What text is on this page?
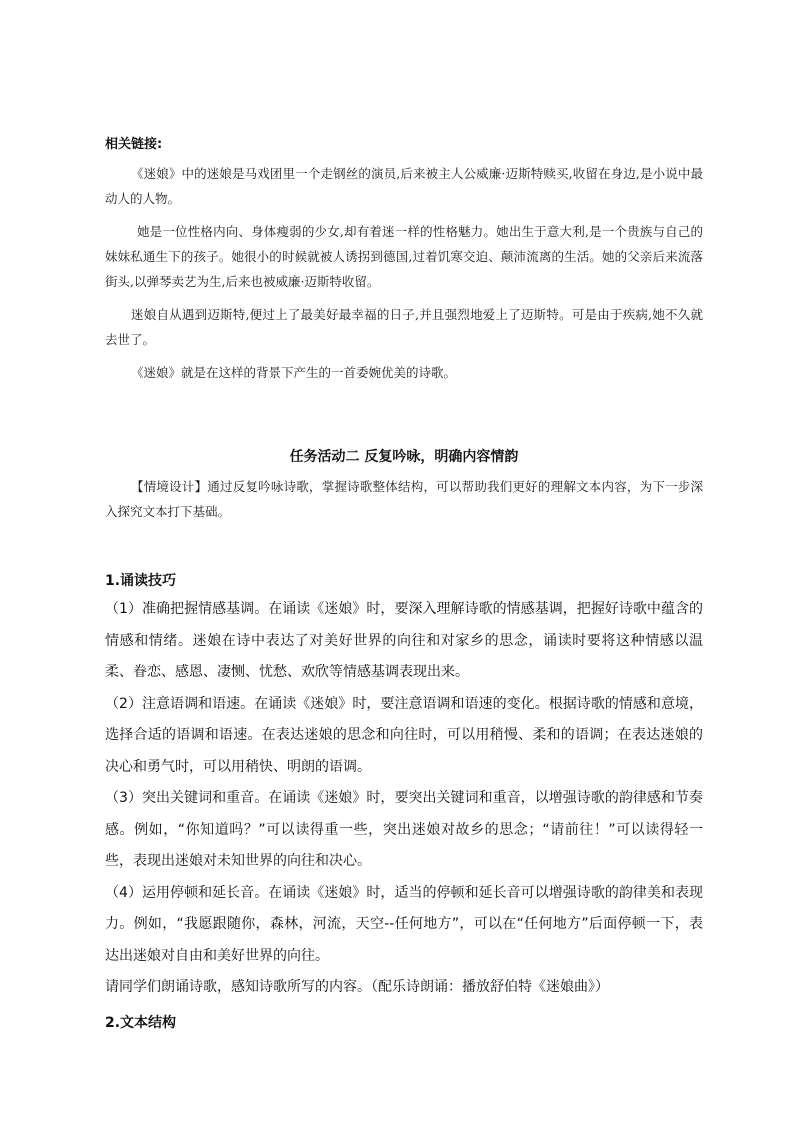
相关链接:

《迷娘》中的迷娘是马戏团里一个走钢丝的演员,后来被主人公威廉·迈斯特赎买,收留在身边,是小说中最动人的人物。

她是一位性格内向、身体瘦弱的少女,却有着迷一样的性格魅力。她出生于意大利,是一个贵族与自己的妹妹私通生下的孩子。她很小的时候就被人诱拐到德国,过着饥寒交迫、颠沛流离的生活。她的父亲后来流落街头,以弹琴卖艺为生,后来也被威廉·迈斯特收留。

迷娘自从遇到迈斯特,便过上了最美好最幸福的日子,并且强烈地爱上了迈斯特。可是由于疾病,她不久就去世了。

《迷娘》就是在这样的背景下产生的一首委婉优美的诗歌。

任务活动二 反复吟咏，明确内容情韵

【情境设计】通过反复吟咏诗歌，掌握诗歌整体结构，可以帮助我们更好的理解文本内容，为下一步深入探究文本打下基础。

1.诵读技巧

（1）准确把握情感基调。在诵读《迷娘》时，要深入理解诗歌的情感基调，把握好诗歌中蕴含的情感和情绪。迷娘在诗中表达了对美好世界的向往和对家乡的思念，诵读时要将这种情感以温柔、眷恋、感恩、凄恻、忧愁、欢欣等情感基调表现出来。

（2）注意语调和语速。在诵读《迷娘》时，要注意语调和语速的变化。根据诗歌的情感和意境，选择合适的语调和语速。在表达迷娘的思念和向往时，可以用稍慢、柔和的语调；在表达迷娘的决心和勇气时，可以用稍快、明朗的语调。

（3）突出关键词和重音。在诵读《迷娘》时，要突出关键词和重音，以增强诗歌的韵律感和节奏感。例如，“你知道吗？”可以读得重一些，突出迷娘对故乡的思念；“请前往！”可以读得轻一些，表现出迷娘对未知世界的向往和决心。

（4）运用停顿和延长音。在诵读《迷娘》时，适当的停顿和延长音可以增强诗歌的韵律美和表现力。例如，“我愿跟随你，森林，河流，天空--任何地方”，可以在“任何地方”后面停顿一下，表达出迷娘对自由和美好世界的向往。

请同学们朗诵诗歌，感知诗歌所写的内容。（配乐诗朗诵：播放舒伯特《迷娘曲》）

2.文本结构
